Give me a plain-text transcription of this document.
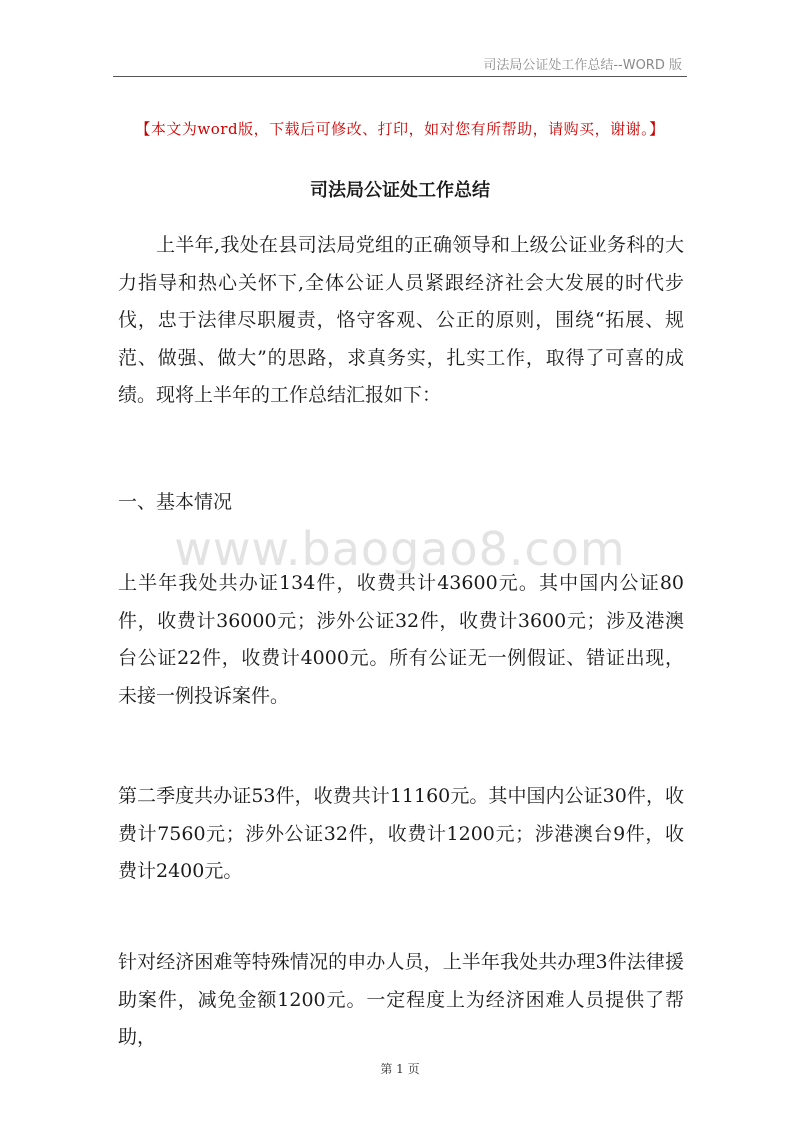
司法局公证处工作总结--WORD 版
【本文为word版，下载后可修改、打印，如对您有所帮助，请购买，谢谢。】
司法局公证处工作总结

上半年,我处在县司法局党组的正确领导和上级公证业务科的大力指导和热心关怀下,全体公证人员紧跟经济社会大发展的时代步伐，忠于法律尽职履责，恪守客观、公正的原则，围绕“拓展、规范、做强、做大”的思路，求真务实，扎实工作，取得了可喜的成绩。现将上半年的工作总结汇报如下：

一、基本情况

www.baogao8.com

上半年我处共办证134件，收费共计43600元。其中国内公证80件，收费计36000元；涉外公证32件，收费计3600元；涉及港澳台公证22件，收费计4000元。所有公证无一例假证、错证出现，未接一例投诉案件。

第二季度共办证53件，收费共计11160元。其中国内公证30件，收费计7560元；涉外公证32件，收费计1200元；涉港澳台9件，收费计2400元。

针对经济困难等特殊情况的申办人员，上半年我处共办理3件法律援助案件，减免金额1200元。一定程度上为经济困难人员提供了帮助，

第 1 页
